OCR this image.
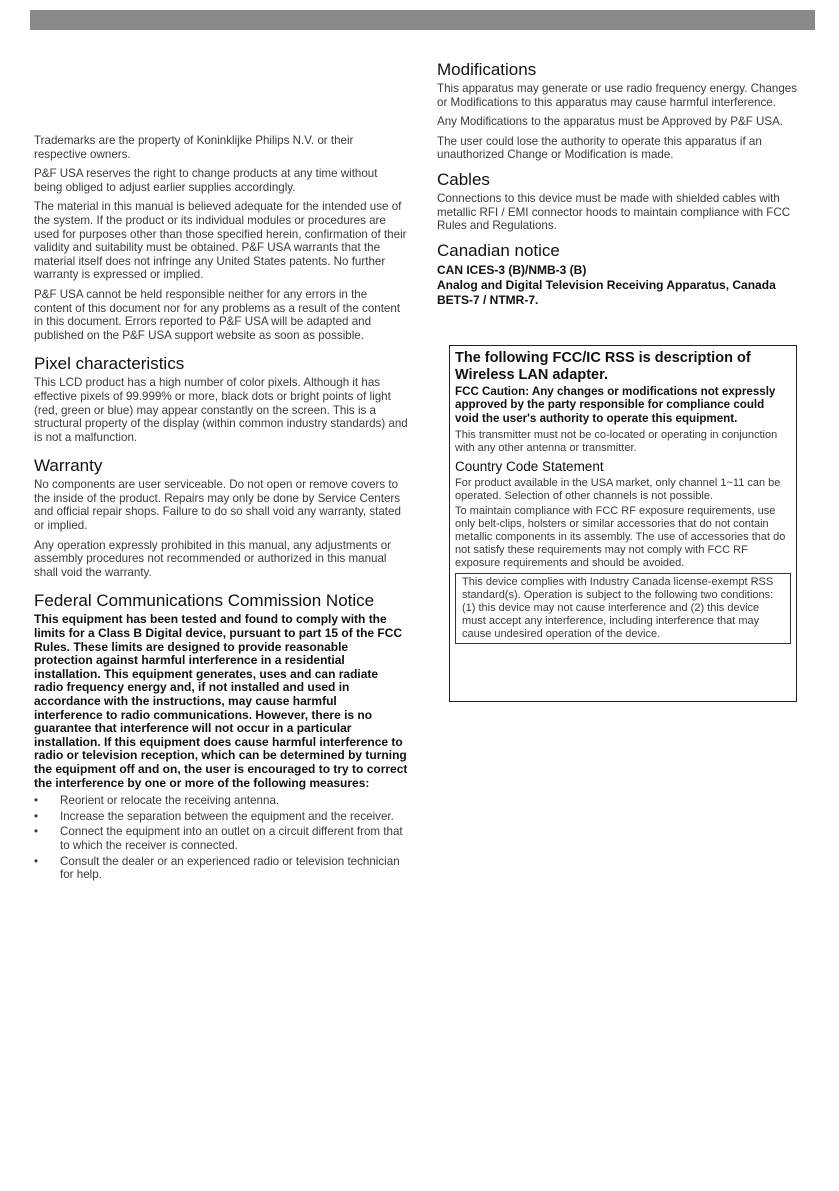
Trademarks are the property of Koninklijke Philips N.V. or their respective owners.

P&F USA reserves the right to change products at any time without being obliged to adjust earlier supplies accordingly.

The material in this manual is believed adequate for the intended use of the system. If the product or its individual modules or procedures are used for purposes other than those specified herein, confirmation of their validity and suitability must be obtained. P&F USA warrants that the material itself does not infringe any United States patents. No further warranty is expressed or implied.

P&F USA cannot be held responsible neither for any errors in the content of this document nor for any problems as a result of the content in this document. Errors reported to P&F USA will be adapted and published on the P&F USA support website as soon as possible.

Pixel characteristics

This LCD product has a high number of color pixels. Although it has effective pixels of 99.999% or more, black dots or bright points of light (red, green or blue) may appear constantly on the screen. This is a structural property of the display (within common industry standards) and is not a malfunction.

Warranty

No components are user serviceable. Do not open or remove covers to the inside of the product. Repairs may only be done by Service Centers and official repair shops. Failure to do so shall void any warranty, stated or implied.

Any operation expressly prohibited in this manual, any adjustments or assembly procedures not recommended or authorized in this manual shall void the warranty.

Federal Communications Commission Notice

This equipment has been tested and found to comply with the limits for a Class B Digital device, pursuant to part 15 of the FCC Rules. These limits are designed to provide reasonable protection against harmful interference in a residential installation. This equipment generates, uses and can radiate radio frequency energy and, if not installed and used in accordance with the instructions, may cause harmful interference to radio communications. However, there is no guarantee that interference will not occur in a particular installation. If this equipment does cause harmful interference to radio or television reception, which can be determined by turning the equipment off and on, the user is encouraged to try to correct the interference by one or more of the following measures:

• Reorient or relocate the receiving antenna.
• Increase the separation between the equipment and the receiver.
• Connect the equipment into an outlet on a circuit different from that to which the receiver is connected.
• Consult the dealer or an experienced radio or television technician for help.
Modifications

This apparatus may generate or use radio frequency energy. Changes or Modifications to this apparatus may cause harmful interference.

Any Modifications to the apparatus must be Approved by P&F USA.

The user could lose the authority to operate this apparatus if an unauthorized Change or Modification is made.

Cables

Connections to this device must be made with shielded cables with metallic RFI / EMI connector hoods to maintain compliance with FCC Rules and Regulations.

Canadian notice

CAN ICES-3 (B)/NMB-3 (B)

Analog and Digital Television Receiving Apparatus, Canada BETS-7 / NTMR-7.

The following FCC/IC RSS is description of Wireless LAN adapter.

FCC Caution: Any changes or modifications not expressly approved by the party responsible for compliance could void the user's authority to operate this equipment.

This transmitter must not be co-located or operating in conjunction with any other antenna or transmitter.

Country Code Statement

For product available in the USA market, only channel 1~11 can be operated. Selection of other channels is not possible.

To maintain compliance with FCC RF exposure requirements, use only belt-clips, holsters or similar accessories that do not contain metallic components in its assembly. The use of accessories that do not satisfy these requirements may not comply with FCC RF exposure requirements and should be avoided.

This device complies with Industry Canada license-exempt RSS standard(s). Operation is subject to the following two conditions: (1) this device may not cause interference and (2) this device must accept any interference, including interference that may cause undesired operation of the device.
